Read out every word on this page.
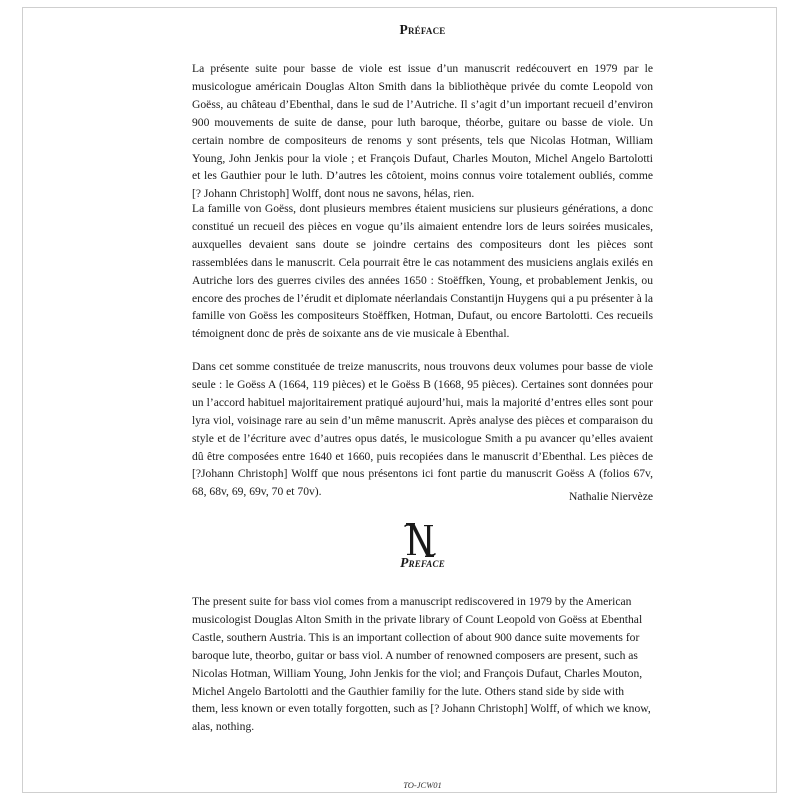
Préface

La présente suite pour basse de viole est issue d’un manuscrit redécouvert en 1979 par le musicologue américain Douglas Alton Smith dans la bibliothèque privée du comte Leopold von Goëss, au château d’Ebenthal, dans le sud de l’Autriche. Il s’agit d’un important recueil d’environ 900 mouvements de suite de danse, pour luth baroque, théorbe, guitare ou basse de viole. Un certain nombre de compositeurs de renoms y sont présents, tels que Nicolas Hotman, William Young, John Jenkis pour la viole ; et François Dufaut, Charles Mouton, Michel Angelo Bartolotti et les Gauthier pour le luth. D’autres les côtoient, moins connus voire totalement oubliés, comme [? Johann Christoph] Wolff, dont nous ne savons, hélas, rien.

La famille von Goëss, dont plusieurs membres étaient musiciens sur plusieurs générations, a donc constitué un recueil des pièces en vogue qu’ils aimaient entendre lors de leurs soirées musicales, auxquelles devaient sans doute se joindre certains des compositeurs dont les pièces sont rassemblées dans le manuscrit. Cela pourrait être le cas notamment des musiciens anglais exilés en Autriche lors des guerres civiles des années 1650 : Stoëffken, Young, et probablement Jenkis, ou encore des proches de l’érudit et diplomate néerlandais Constantijn Huygens qui a pu présenter à la famille von Goëss les compositeurs Stoëffken, Hotman, Dufaut, ou encore Bartolotti. Ces recueils témoignent donc de près de soixante ans de vie musicale à Ebenthal.

Dans cet somme constituée de treize manuscrits, nous trouvons deux volumes pour basse de viole seule : le Goëss A (1664, 119 pièces) et le Goëss B (1668, 95 pièces). Certaines sont données pour un l’accord habituel majoritairement pratiqué aujourd’hui, mais la majorité d’entres elles sont pour lyra viol, voisinage rare au sein d’un même manuscrit. Après analyse des pièces et comparaison du style et de l’écriture avec d’autres opus datés, le musicologue Smith a pu avancer qu’elles avaient dû être composées entre 1640 et 1660, puis recopiées dans le manuscrit d’Ebenthal. Les pièces de [?Johann Christoph] Wolff que nous présentons ici font partie du manuscrit Goëss A (folios 67v, 68, 68v, 69, 69v, 70 et 70v).	Nathalie Niervèze

Preface

The present suite for bass viol comes from a manuscript rediscovered in 1979 by the American musicologist Douglas Alton Smith in the private library of Count Leopold von Goëss at Ebenthal Castle, southern Austria. This is an important collection of about 900 dance suite movements for baroque lute, theorbo, guitar or bass viol. A number of renowned composers are present, such as Nicolas Hotman, William Young, John Jenkis for the viol; and François Dufaut, Charles Mouton, Michel Angelo Bartolotti and the Gauthier familiy for the lute. Others stand side by side with them, less known or even totally forgotten, such as [? Johann Christoph] Wolff, of which we know, alas, nothing.

TO-JCW01
